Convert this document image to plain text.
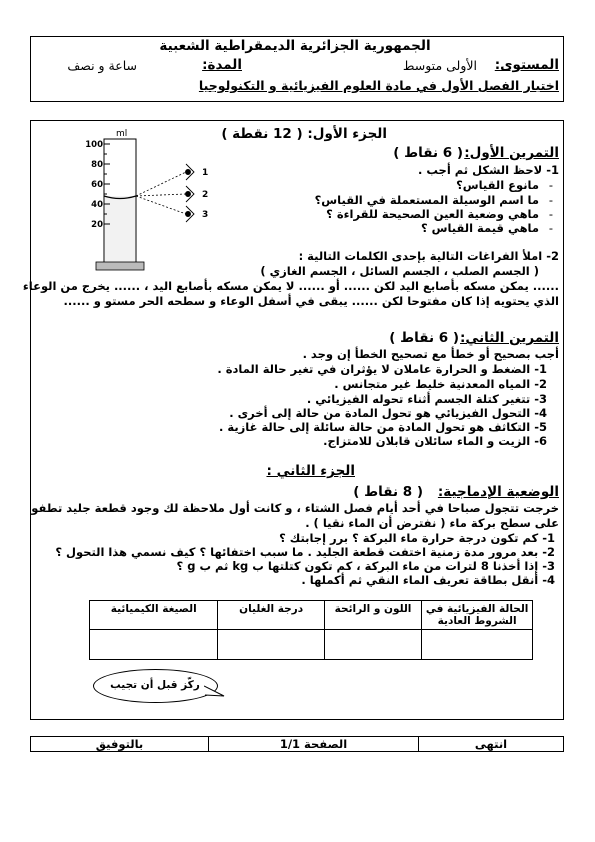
الجمهورية الجزائرية الديمقراطية الشعبية
المستوى:
الأولى متوسط
المدة:
ساعة و نصف
اختبار الفصل الأول في مادة العلوم الفيزيائية و التكنولوجيا
ml
100
80
60
40
20
1
2
3
الجزء الأول: ( 12 نقطة )
التمرين الأول:
( 6 نقاط )
1- لاحظ الشكل ثم أجب .
مانوع القياس؟
ما اسم الوسيلة المستعملة في القياس؟
ماهي وضعية العين الصحيحة للقراءة ؟
ماهي قيمة القياس ؟
-
-
-
-
2- املأ الفراغات التالية بإحدى الكلمات التالية :
( الجسم الصلب ، الجسم السائل ، الجسم الغازي )
...... يمكن مسكه بأصابع اليد لكن ...... أو ...... لا يمكن مسكه بأصابع اليد ، ...... يخرج من الوعاء
الذي يحتويه إذا كان مفتوحا لكن ...... يبقى في أسفل الوعاء و سطحه الحر مستو و ......
التمرين الثاني:
( 6 نقاط )
أجب بصحيح أو خطأ مع تصحيح الخطأ إن وجد .
1- الضغط و الحرارة عاملان لا يؤثران في تغير حالة المادة .
2- المياه المعدنية خليط غير متجانس .
3- تتغير كتلة الجسم أثناء تحوله الفيزيائي .
4- التحول الفيزيائي هو تحول المادة من حالة إلى أخرى .
5- التكاثف هو تحول المادة من حالة سائلة إلى حالة غازية .
6- الزيت و الماء سائلان قابلان للامتزاج.
الجزء الثاني :
الوضعية الإدماجية:
( 8 نقاط )
خرجت تتجول صباحا في أحد أيام فصل الشتاء ، و كانت أول ملاحظة لك وجود قطعة جليد تطفو
على سطح بركة ماء ( نفترض أن الماء نقيا ) .
1- كم تكون درجة حرارة ماء البركة ؟ برر إجابتك ؟
2- بعد مرور مدة زمنية اختفت قطعة الجليد . ما سبب اختفائها ؟ كيف نسمي هذا التحول ؟
3- إذا أخذنا 8 لترات من ماء البركة ، كم تكون كتلتها ب kg ثم ب g ؟
4- أنقل بطاقة تعريف الماء النقي ثم أكملها .
الحالة الفيزيائية في الشروط العادية	اللون و الرائحة	درجة الغليان	الصيغة الكيميائية

ركّز قبل أن تجيب
انتهى
الصفحة 1/1
بالتوفيق
